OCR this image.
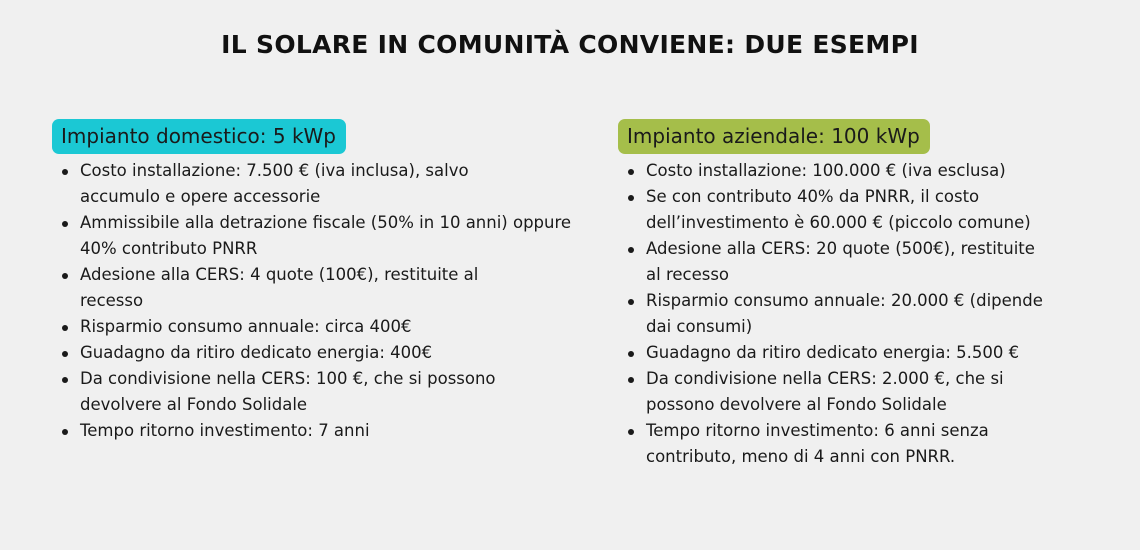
IL SOLARE IN COMUNITÀ CONVIENE: DUE ESEMPI
Impianto domestico: 5 kWp
Costo installazione: 7.500 € (iva inclusa), salvo accumulo e opere accessorie
Ammissibile alla detrazione fiscale (50% in 10 anni) oppure 40% contributo PNRR
Adesione alla CERS: 4 quote (100€), restituite al recesso
Risparmio consumo annuale: circa 400€
Guadagno da ritiro dedicato energia: 400€
Da condivisione nella CERS: 100 €, che si possono devolvere al Fondo Solidale
Tempo ritorno investimento: 7 anni
Impianto aziendale: 100 kWp
Costo installazione: 100.000 € (iva esclusa)
Se con contributo 40% da PNRR, il costo dell’investimento è 60.000 € (piccolo comune)
Adesione alla CERS: 20 quote (500€), restituite al recesso
Risparmio consumo annuale: 20.000 € (dipende dai consumi)
Guadagno da ritiro dedicato energia: 5.500 €
Da condivisione nella CERS: 2.000 €, che si possono devolvere al Fondo Solidale
Tempo ritorno investimento: 6 anni senza contributo, meno di 4 anni con PNRR.
